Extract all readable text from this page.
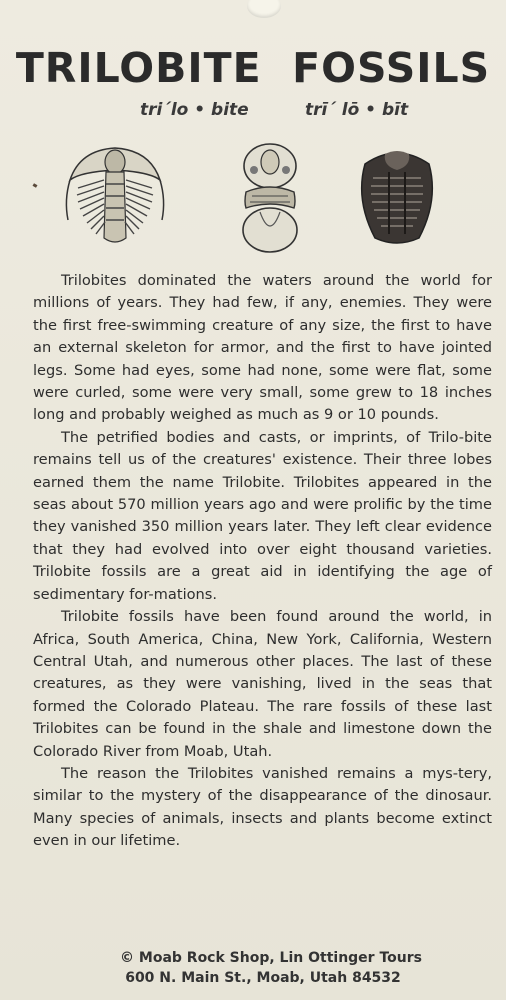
TRILOBITE  FOSSILS
tri´lo • bite	trī´ lō • bīt

Trilobites dominated the waters around the world for millions of years. They had few, if any, enemies. They were the first free-swimming creature of any size, the first to have an external skeleton for armor, and the first to have jointed legs. Some had eyes, some had none, some were flat, some were curled, some were very small, some grew to 18 inches long and probably weighed as much as 9 or 10 pounds.

The petrified bodies and casts, or imprints, of Trilo-bite remains tell us of the creatures' existence. Their three lobes earned them the name Trilobite. Trilobites appeared in the seas about 570 million years ago and were prolific by the time they vanished 350 million years later. They left clear evidence that they had evolved into over eight thousand varieties. Trilobite fossils are a great aid in identifying the age of sedimentary for-mations.

Trilobite fossils have been found around the world, in Africa, South America, China, New York, California, Western Central Utah, and numerous other places. The last of these creatures, as they were vanishing, lived in the seas that formed the Colorado Plateau. The rare fossils of these last Trilobites can be found in the shale and limestone down the Colorado River from Moab, Utah.

The reason the Trilobites vanished remains a mys-tery, similar to the mystery of the disappearance of the dinosaur. Many species of animals, insects and plants become extinct even in our lifetime.

© Moab Rock Shop, Lin Ottinger Tours
600 N. Main St., Moab, Utah 84532
